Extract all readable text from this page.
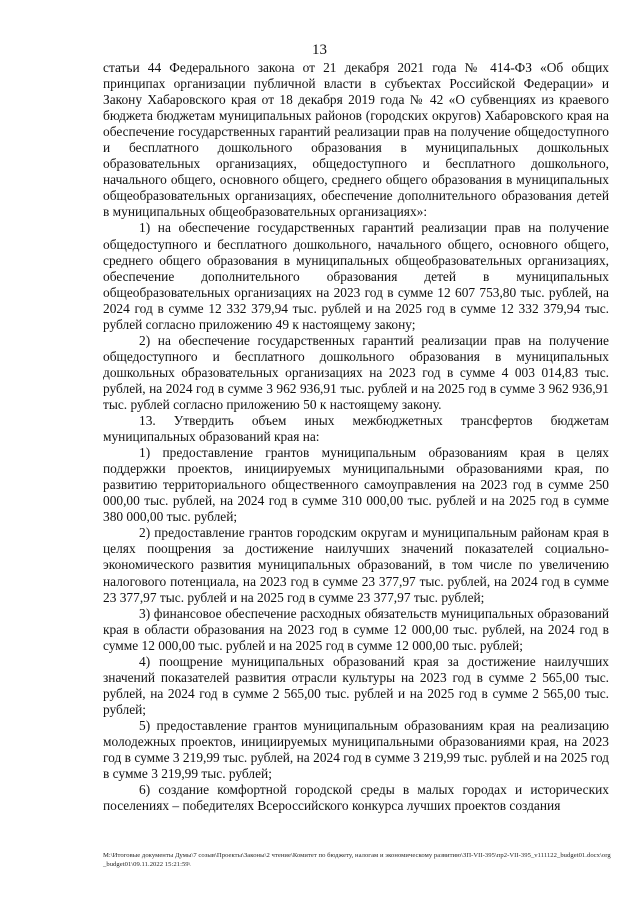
13

статьи 44 Федерального закона от 21 декабря 2021 года № 414-ФЗ «Об общих принципах организации публичной власти в субъектах Российской Федерации» и Закону Хабаровского края от 18 декабря 2019 года № 42 «О субвенциях из краевого бюджета бюджетам муниципальных районов (городских округов) Хабаровского края на обеспечение государственных гарантий реализации прав на получение общедоступного и бесплатного дошкольного образования в муниципальных дошкольных образовательных организациях, общедоступного и бесплатного дошкольного, начального общего, основного общего, среднего общего образования в муниципальных общеобразовательных организациях, обеспечение дополнительного образования детей в муниципальных общеобразовательных организациях»:

1) на обеспечение государственных гарантий реализации прав на получение общедоступного и бесплатного дошкольного, начального общего, основного общего, среднего общего образования в муниципальных общеобразовательных организациях, обеспечение дополнительного образования детей в муниципальных общеобразовательных организациях на 2023 год в сумме 12 607 753,80 тыс. рублей, на 2024 год в сумме 12 332 379,94 тыс. рублей и на 2025 год в сумме 12 332 379,94 тыс. рублей согласно приложению 49 к настоящему закону;

2) на обеспечение государственных гарантий реализации прав на получение общедоступного и бесплатного дошкольного образования в муниципальных дошкольных образовательных организациях на 2023 год в сумме 4 003 014,83 тыс. рублей, на 2024 год в сумме 3 962 936,91 тыс. рублей и на 2025 год в сумме 3 962 936,91 тыс. рублей согласно приложению 50 к настоящему закону.

13. Утвердить объем иных межбюджетных трансфертов бюджетам муниципальных образований края на:

1) предоставление грантов муниципальным образованиям края в целях поддержки проектов, инициируемых муниципальными образованиями края, по развитию территориального общественного самоуправления на 2023 год в сумме 250 000,00 тыс. рублей, на 2024 год в сумме 310 000,00 тыс. рублей и на 2025 год в сумме 380 000,00 тыс. рублей;

2) предоставление грантов городским округам и муниципальным районам края в целях поощрения за достижение наилучших значений показателей социально-экономического развития муниципальных образований, в том числе по увеличению налогового потенциала, на 2023 год в сумме 23 377,97 тыс. рублей, на 2024 год в сумме 23 377,97 тыс. рублей и на 2025 год в сумме 23 377,97 тыс. рублей;

3) финансовое обеспечение расходных обязательств муниципальных образований края в области образования на 2023 год в сумме 12 000,00 тыс. рублей, на 2024 год в сумме 12 000,00 тыс. рублей и на 2025 год в сумме 12 000,00 тыс. рублей;

4) поощрение муниципальных образований края за достижение наилучших значений показателей развития отрасли культуры на 2023 год в сумме 2 565,00 тыс. рублей, на 2024 год в сумме 2 565,00 тыс. рублей и на 2025 год в сумме 2 565,00 тыс. рублей;

5) предоставление грантов муниципальным образованиям края на реализацию молодежных проектов, инициируемых муниципальными образованиями края, на 2023 год в сумме 3 219,99 тыс. рублей, на 2024 год в сумме 3 219,99 тыс. рублей и на 2025 год в сумме 3 219,99 тыс. рублей;

6) создание комфортной городской среды в малых городах и исторических поселениях – победителях Всероссийского конкурса лучших проектов создания

M:\Итоговые документы Думы\7 созыв\Проекты\Законы\2 чтение\Комитет по бюджету, налогам и экономическому развитию\ЗП-VII-395\пр2-VII-395_v111122_budget01.docx\org_budget01\09.11.2022 15:21:59\
